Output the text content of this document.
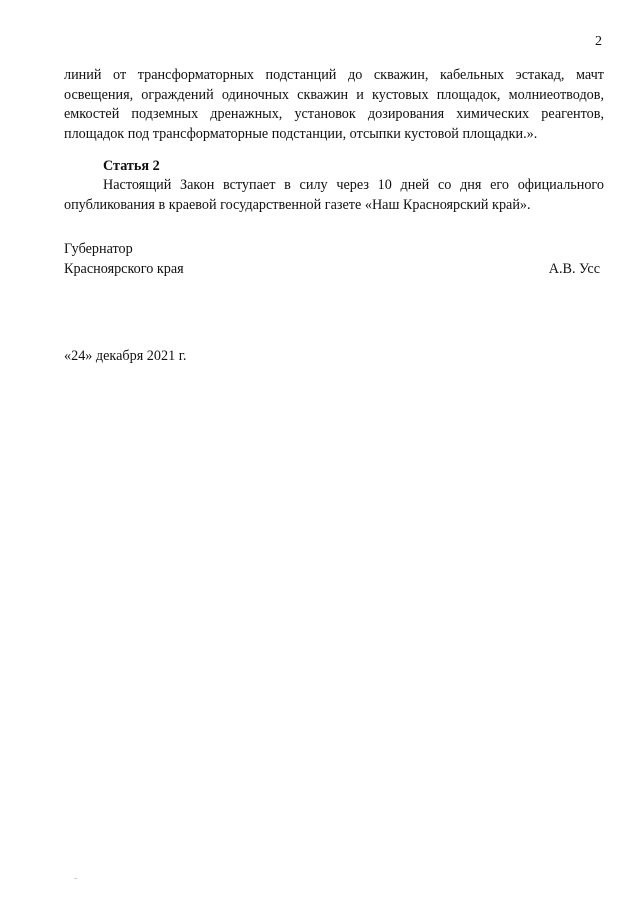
2
линий от трансформаторных подстанций до скважин, кабельных эстакад, мачт освещения, ограждений одиночных скважин и кустовых площадок, молниеотводов, емкостей подземных дренажных, установок дозирования химических реагентов, площадок под трансформаторные подстанции, отсыпки кустовой площадки.».
Статья 2
Настоящий Закон вступает в силу через 10 дней со дня его официального опубликования в краевой государственной газете «Наш Красноярский край».
Губернатор
Красноярского края	А.В. Усс
«24» декабря 2021 г.
